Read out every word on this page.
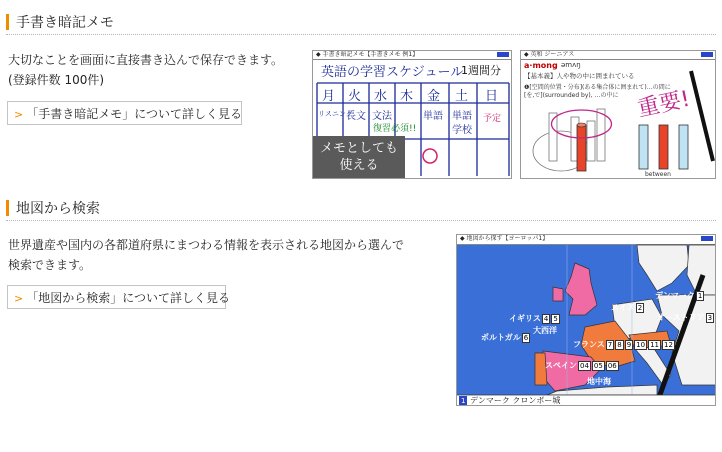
手書き暗記メモ
大切なことを画面に直接書き込んで保存できます。
(登録件数 100件)
> 「手書き暗記メモ」について詳しく見る
◆ 手書き暗記メモ【手書きメモ 例1】
英語の学習スケジュール
1週間分
月 火 水 木 金 土 日
リスニング
長文 文法	単語 単語 予定
復習必須!!	学校
メモとしても
使える
◆ 英和 ジーニアス
a·mong əmʌŋ
【基本義】人や物の中に囲まれている
❶[空間的位置・分布](ある集合体に囲まれて)…の間に
[を,で](surrounded by), …の中に 重要!
between
地図から検索
世界遺産や国内の各都道府県にまつわる情報を表示される地図から選んで
検索できます。
> 「地図から検索」について詳しく見る
◆ 地図から探す【ヨーロッパ1】
デンマーク 1
スイス 2
オーストリア 3
イギリス 4 5
大西洋
フランス 7 8 9 10 11 12
ポルトガル 6
スペイン 04 05 06
地中海
1 デンマーク クロンボー城
